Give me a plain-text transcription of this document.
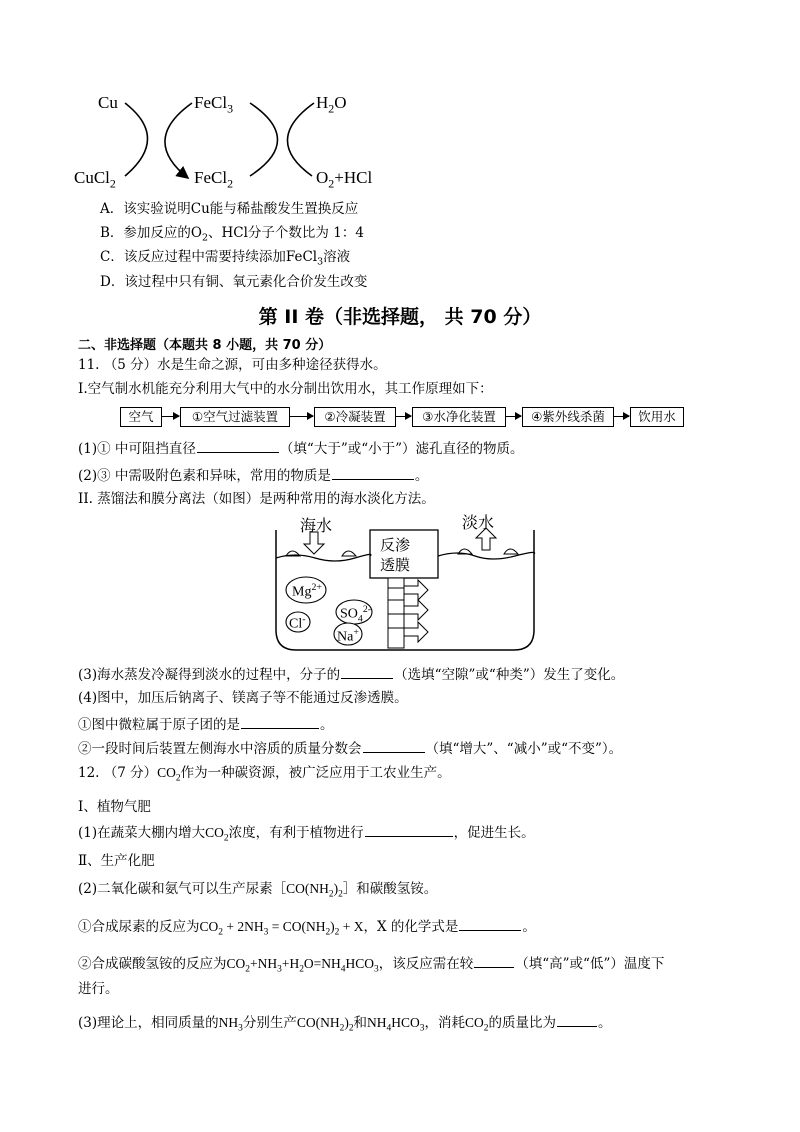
Cu	FeCl$_3$	$H_2O$
CuCl$_2$	FeCl$_2$	$O_2+HCl$
A．该实验说明Cu能与稀盐酸发生置换反应
B．参加反应的$O_2$、HCl分子个数比为 1：4
C．该反应过程中需要持续添加FeCl$_3$溶液
D．该过程中只有铜、氧元素化合价发生改变
第 II 卷（非选择题， 共 70 分）
二、非选择题（本题共 8 小题，共 70 分）
11. （5 分）水是生命之源，可由多种途径获得水。
I.空气制水机能充分利用大气中的水分制出饮用水，其工作原理如下：
空气	①空气过滤装置	②冷凝装置	③水净化装置	④紫外线杀菌	饮用水
(1)① 中可阻挡直径	（填“大于”或“小于”）滤孔直径的物质。
(2)③ 中需吸附色素和异味，常用的物质是	。
II. 蒸馏法和膜分离法（如图）是两种常用的海水淡化方法。
海水	淡水
反渗
透膜
$Mg^{2+}$
$SO_4^{2-}$
Cl-
Na+
(3)海水蒸发冷凝得到淡水的过程中，分子的	（选填“空隙”或“种类”）发生了变化。
(4)图中，加压后钠离子、镁离子等不能通过反渗透膜。
①图中微粒属于原子团的是	。
②一段时间后装置左侧海水中溶质的质量分数会	（填“增大”、“减小”或“不变”）。
12. （7 分）$CO_2$作为一种碳资源，被广泛应用于工农业生产。
Ⅰ、植物气肥
(1)在蔬菜大棚内增大$CO_2$浓度，有利于植物进行	，促进生长。
Ⅱ、生产化肥
(2)二氧化碳和氨气可以生产尿素$[CO(NH_2)_2]$和碳酸氢铵。
①合成尿素的反应为$CO_2 + 2NH_3 = CO(NH_2)_2 + X$，X 的化学式是	。
②合成碳酸氢铵的反应为$CO_2+NH_3+H_2O=NH_4HCO_3$，该反应需在较	（填“高”或“低”）温度下
进行。
(3)理论上，相同质量的$NH_3$分别生产$CO(NH_2)_2$和$NH_4HCO_3$，消耗$CO_2$的质量比为	。
